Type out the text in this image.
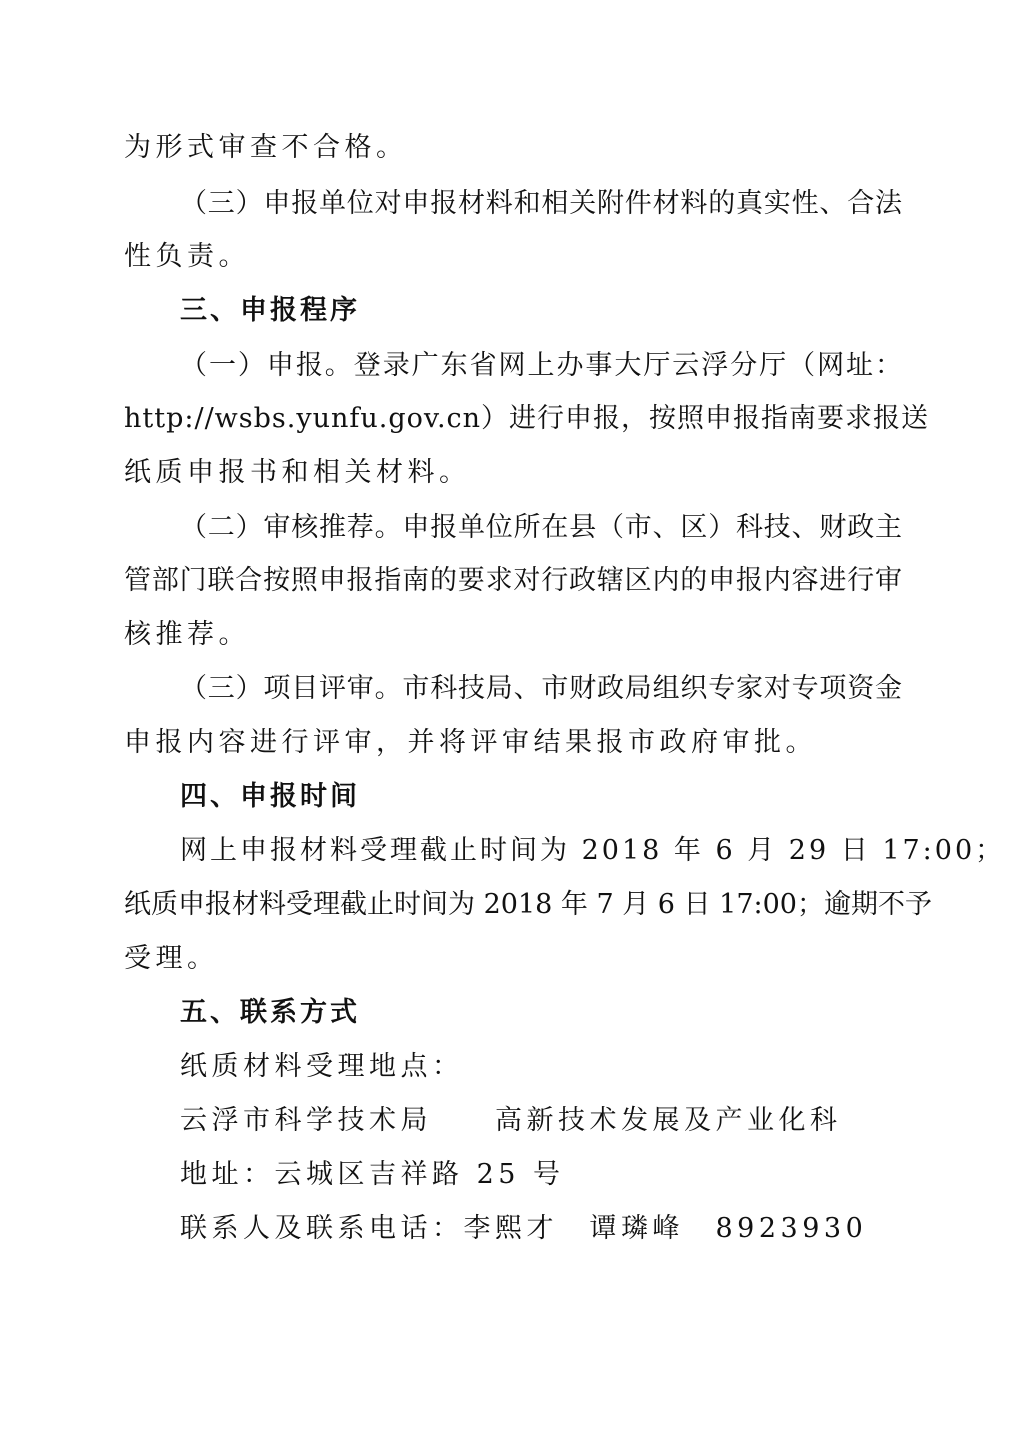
为形式审查不合格。
（三）申报单位对申报材料和相关附件材料的真实性、合法
性负责。
三、申报程序
（一）申报。登录广东省网上办事大厅云浮分厅（网址：
http://wsbs.yunfu.gov.cn）进行申报，按照申报指南要求报送
纸质申报书和相关材料。
（二）审核推荐。申报单位所在县（市、区）科技、财政主
管部门联合按照申报指南的要求对行政辖区内的申报内容进行审
核推荐。
（三）项目评审。市科技局、市财政局组织专家对专项资金
申报内容进行评审，并将评审结果报市政府审批。
四、申报时间
网上申报材料受理截止时间为 2018 年 6 月 29 日 17:00；
纸质申报材料受理截止时间为 2018 年 7 月 6 日 17:00；逾期不予
受理。
五、联系方式
纸质材料受理地点：
云浮市科学技术局　　高新技术发展及产业化科
地址：云城区吉祥路 25 号
联系人及联系电话：李熙才　谭璘峰　8923930
